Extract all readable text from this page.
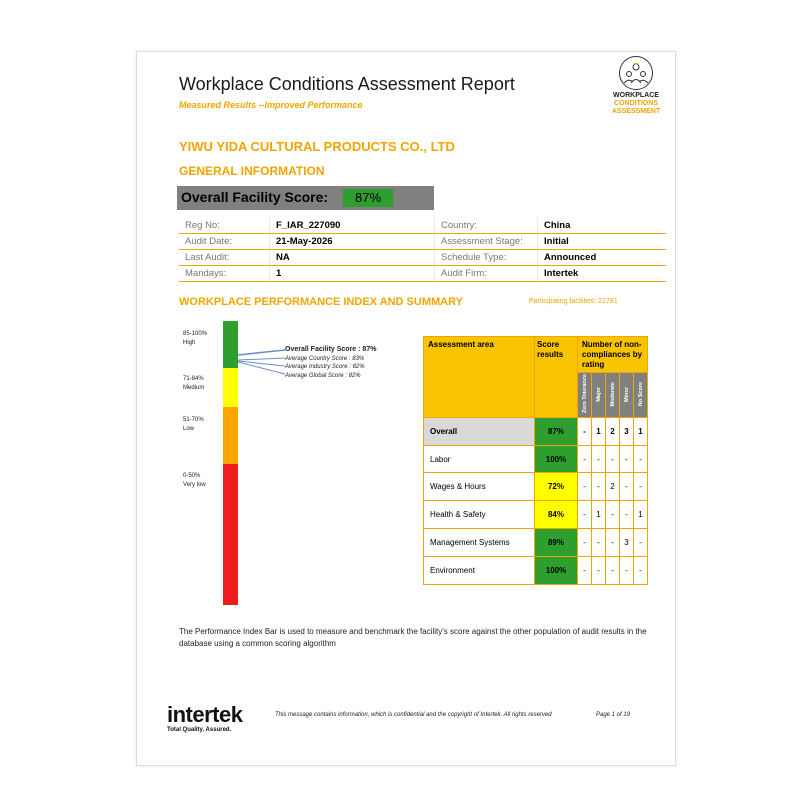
Workplace Conditions Assessment Report
Measured Results --Improved Performance
WORKPLACE
CONDITIONS
ASSESSMENT
YIWU YIDA CULTURAL PRODUCTS CO., LTD
GENERAL INFORMATION
Overall Facility Score:	87%
Reg No:	F_IAR_227090	Country:	China
Audit Date:	21-May-2026	Assessment Stage:	Initial
Last Audit:	NA	Schedule Type:	Announced
Mandays:	1	Audit Firm:	Intertek
WORKPLACE PERFORMANCE INDEX AND SUMMARY	Participating facilities: 22781
85-100%
High
71-84%
Medium
51-70%
Low
0-50%
Very low
Overall Facility Score : 87%
Average Country Score : 83%
Average Industry Score : 82%
Average Global Score : 82%
Assessment area	Score results	Number of non-compliances by rating				
		Zero Tolerance	Major	Moderate	Minor	No Score
Overall	87%	-	1	2	3	1
Labor	100%	-	-	-	-	-
Wages & Hours	72%	-	-	2	-	-
Health & Safety	84%	-	1	-	-	1
Management Systems	89%	-	-	-	3	-
Environment	100%	-	-	-	-	-
The Performance Index Bar is used to measure and benchmark the facility's score against the other population of audit results in the database using a common scoring algorithm
intertek
Total Quality. Assured.
This message contains information, which is confidential and the copyright of Intertek. All rights reserved	Page 1 of 19
